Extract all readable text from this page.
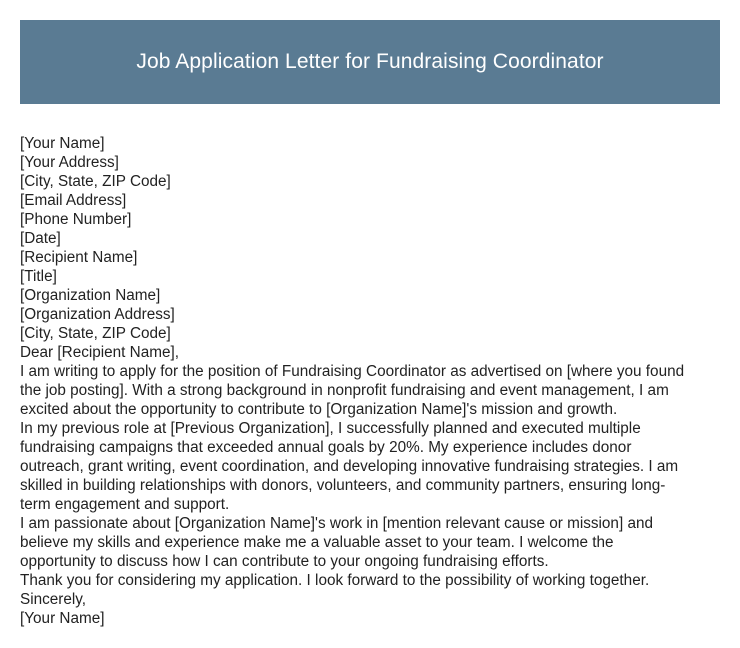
Job Application Letter for Fundraising Coordinator
[Your Name]
[Your Address]
[City, State, ZIP Code]
[Email Address]
[Phone Number]
[Date]
[Recipient Name]
[Title]
[Organization Name]
[Organization Address]
[City, State, ZIP Code]
Dear [Recipient Name],
I am writing to apply for the position of Fundraising Coordinator as advertised on [where you found
the job posting]. With a strong background in nonprofit fundraising and event management, I am
excited about the opportunity to contribute to [Organization Name]'s mission and growth.
In my previous role at [Previous Organization], I successfully planned and executed multiple
fundraising campaigns that exceeded annual goals by 20%. My experience includes donor
outreach, grant writing, event coordination, and developing innovative fundraising strategies. I am
skilled in building relationships with donors, volunteers, and community partners, ensuring long-
term engagement and support.
I am passionate about [Organization Name]'s work in [mention relevant cause or mission] and
believe my skills and experience make me a valuable asset to your team. I welcome the
opportunity to discuss how I can contribute to your ongoing fundraising efforts.
Thank you for considering my application. I look forward to the possibility of working together.
Sincerely,
[Your Name]
